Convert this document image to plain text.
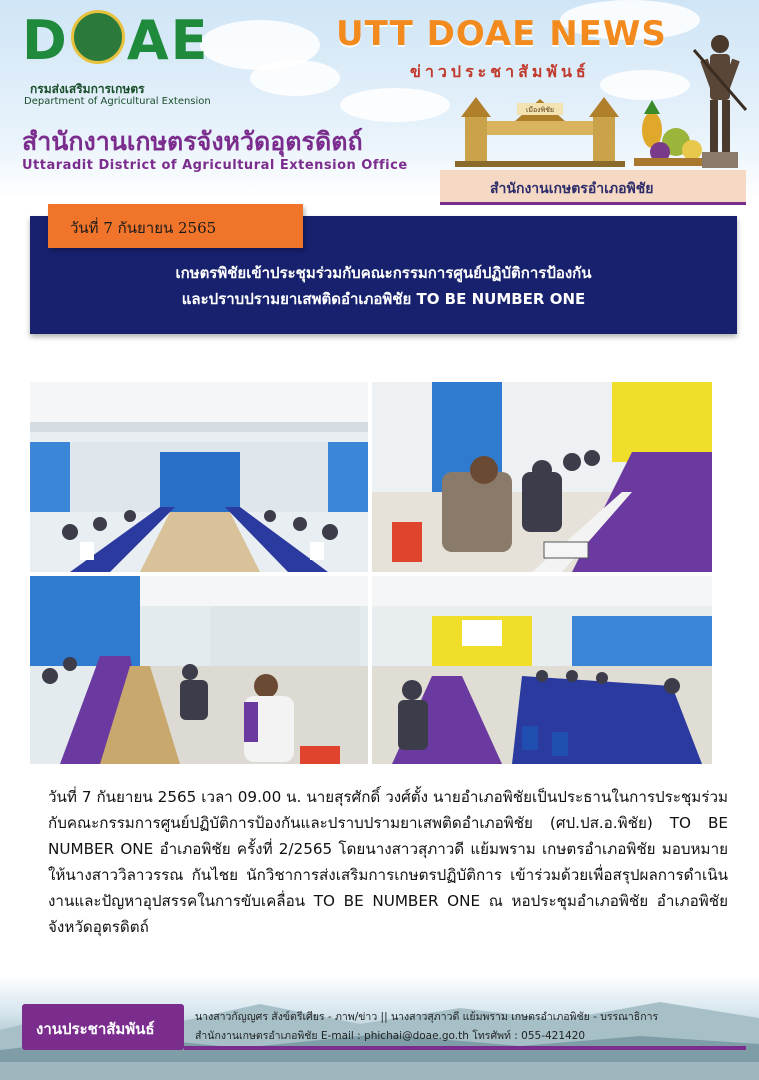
D AE
กรมส่งเสริมการเกษตร
Department of Agricultural Extension
UTT DOAE NEWS
ข่าวประชาสัมพันธ์
สำนักงานเกษตรจังหวัดอุตรดิตถ์
Uttaradit District of Agricultural Extension Office
เมืองพิชัย
สำนักงานเกษตรอำเภอพิชัย
เกษตรพิชัยเข้าประชุมร่วมกับคณะกรรมการศูนย์ปฏิบัติการป้องกัน
และปราบปรามยาเสพติดอำเภอพิชัย TO BE NUMBER ONE
วันที่ 7 กันยายน 2565
วันที่ 7 กันยายน 2565 เวลา 09.00 น. นายสุรศักดิ์ วงศ์ตั้ง นายอำเภอพิชัยเป็นประธานในการประชุมร่วมกับคณะกรรมการศูนย์ปฏิบัติการป้องกันและปราบปรามยาเสพติดอำเภอพิชัย (ศป.ปส.อ.พิชัย) TO BE NUMBER ONE อำเภอพิชัย ครั้งที่ 2/2565 โดยนางสาวสุภาวดี แย้มพราม เกษตรอำเภอพิชัย มอบหมายให้นางสาววิลาวรรณ กันไชย นักวิชาการส่งเสริมการเกษตรปฏิบัติการ เข้าร่วมด้วยเพื่อสรุปผลการดำเนินงานและปัญหาอุปสรรคในการขับเคลื่อน TO BE NUMBER ONE ณ หอประชุมอำเภอพิชัย อำเภอพิชัย จังหวัดอุตรดิตถ์
งานประชาสัมพันธ์
นางสาวกัญญศร สังข์ตรีเศียร - ภาพ/ข่าว || นางสาวสุภาวดี แย้มพราม เกษตรอำเภอพิชัย - บรรณาธิการ
สำนักงานเกษตรอำเภอพิชัย E-mail : phichai@doae.go.th โทรศัพท์ : 055-421420
